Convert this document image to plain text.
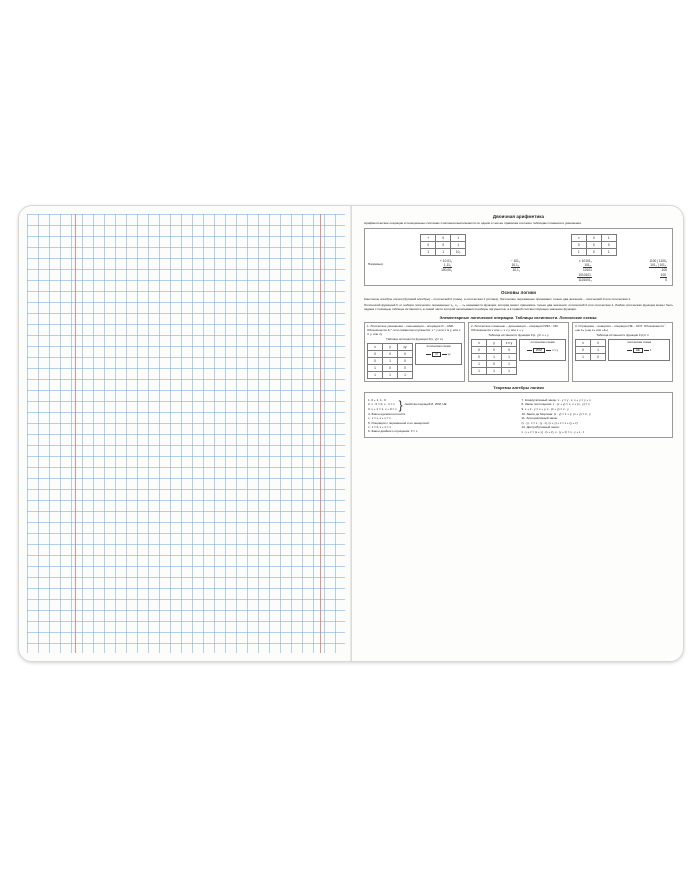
Двоичная арифметика
Арифметические операции в позиционных системах счисления выполняются по одним и тем же правилам согласно таблицам сложения и умножения.
+	0	1
0	0	1
1	1	10₂
×	0	1
0	0	0
1	0	1
Например:
+10,01₂
1,11₂
100,00₂
−101₂
10,1₂
10,1₂
×10101₂
101₂
10101
1010101
1101001₂
1100 | 1100₂
101₂ | 101₂
100
100
0
Основы логики
Константы алгебры логики (булевой алгебры) – логический 0 (ложь), а логическая 1 (истина). Логические переменные принимают только два значения – логический 0 или логическая 1.
Логической функцией F от набора логических переменных x₁, x₂ ... xₙ называется функция, которая может принимать только два значения: логический 0 или логическая 1. Любая логическая функция может быть задана с помощью таблицы истинности, в левой части которой записываются наборы аргументов, а в правой соответствующее значение функции.
Элементарные логические операции. Таблицы истинности. Логические схемы:
1. Логическое умножение – конъюнкция – операция И – AND. Обозначается &,*, или символом опускается: x * y или x & y, или x ∧ y, или xy
Таблица истинности функции F(x, y)= xy
x	y	xy
0	0	0
0	1	0
1	0	0
1	1	1
логическая схема
И	xy
2. Логическое сложение – дизъюнкция – операция ИЛИ – OR. Обозначается v или +: x v y или x + y
Таблица истинности функции F(x, y)= x + y
x	y	x v y
0	0	0
0	1	1
1	0	1
1	1	1
логическая схема
ИЛИ	x v y
3. Отрицание – инверсия – операция НЕ – NOT. Обозначается¯: «не x̄» («не x» или «x̄»)
Таблица истинности функции F(x)= x̄
x	x̄
0	1
1	0
логическая схема
НЕ	x̄
Теоремы алгебры логики
1. 0 + 1, 1 ∙ 0
2. x ∙ 0 = 0, x ∙ 1 = x
3. x + 1 = 1, x + 0 = x } свойства операций И, ИЛИ, НЕ
4. Закон идемпотентности:
x ∙ x = x, x + x = x
5. Операции с переменной и ее инверсией:
x ∙ x̄ = 0, x + x̄ = 1
6. Закон двойного отрицания: x̄̄ = x
7. Коммутативный закон: x ∙ y = y ∙ x, x + y = y + x
8. Закон поглощения: x ∙ (x + y) = x, x + (x ∙ y) = x
9. x + x̄ ∙ y = x + y, x ∙ (x̄ + y) = x ∙ y
10. Закон де Моргана: (x ∙ y) = x̄ + ȳ, (x + y) = x̄ ∙ ȳ
11. Ассоциативный закон:
(x ∙ y) ∙ z = x ∙ (y ∙ z), (x + y) + z = x + (y + z)
12. Дистрибутивный закон:
x ∙ y + z = (x + y) ∙ (x + z), x ∙ (y + z) = x ∙ y + x ∙ z
